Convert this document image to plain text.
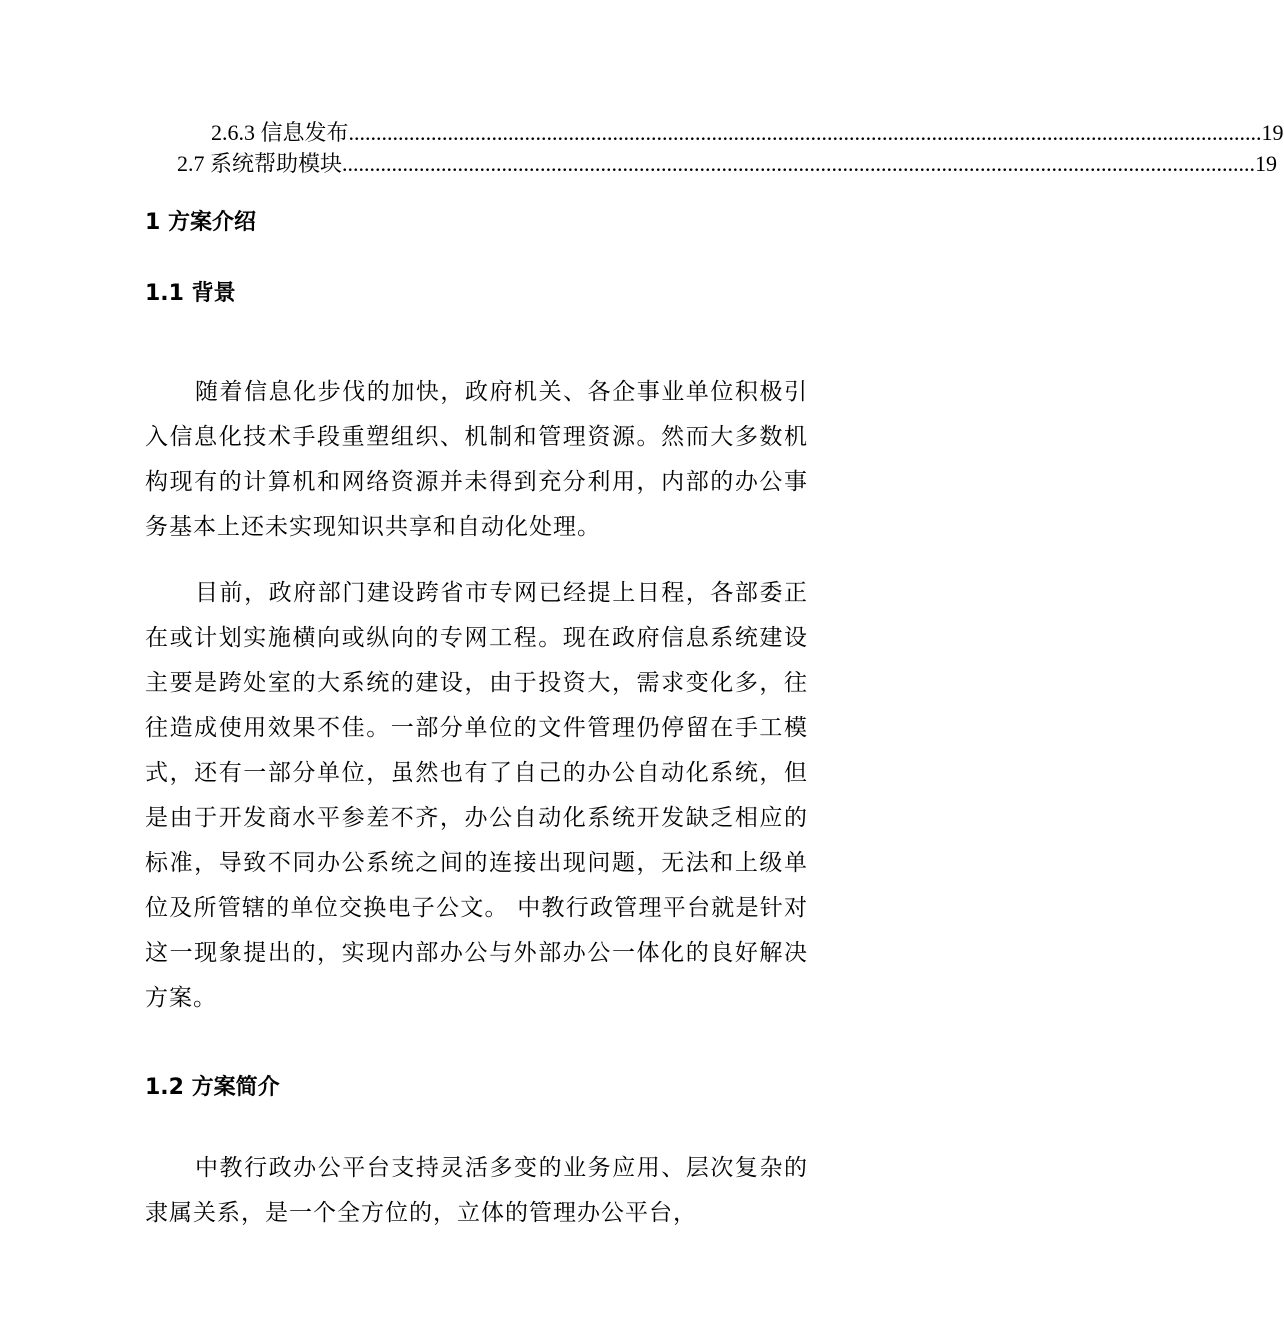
2.6.3 信息发布 ...................................................................................................................................................................... 19
2.7 系统帮助模块 ...................................................................................................................................................................... 19
1 方案介绍
1.1 背景

随着信息化步伐的加快，政府机关、各企事业单位积极引入信息化技术手段重塑组织、机制和管理资源。然而大多数机构现有的计算机和网络资源并未得到充分利用，内部的办公事务基本上还未实现知识共享和自动化处理。

目前，政府部门建设跨省市专网已经提上日程，各部委正在或计划实施横向或纵向的专网工程。现在政府信息系统建设主要是跨处室的大系统的建设，由于投资大，需求变化多，往往造成使用效果不佳。一部分单位的文件管理仍停留在手工模式，还有一部分单位，虽然也有了自己的办公自动化系统，但是由于开发商水平参差不齐，办公自动化系统开发缺乏相应的标准，导致不同办公系统之间的连接出现问题，无法和上级单位及所管辖的单位交换电子公文。 中教行政管理平台就是针对这一现象提出的，实现内部办公与外部办公一体化的良好解决方案。

1.2 方案简介

中教行政办公平台支持灵活多变的业务应用、层次复杂的隶属关系，是一个全方位的，立体的管理办公平台，
